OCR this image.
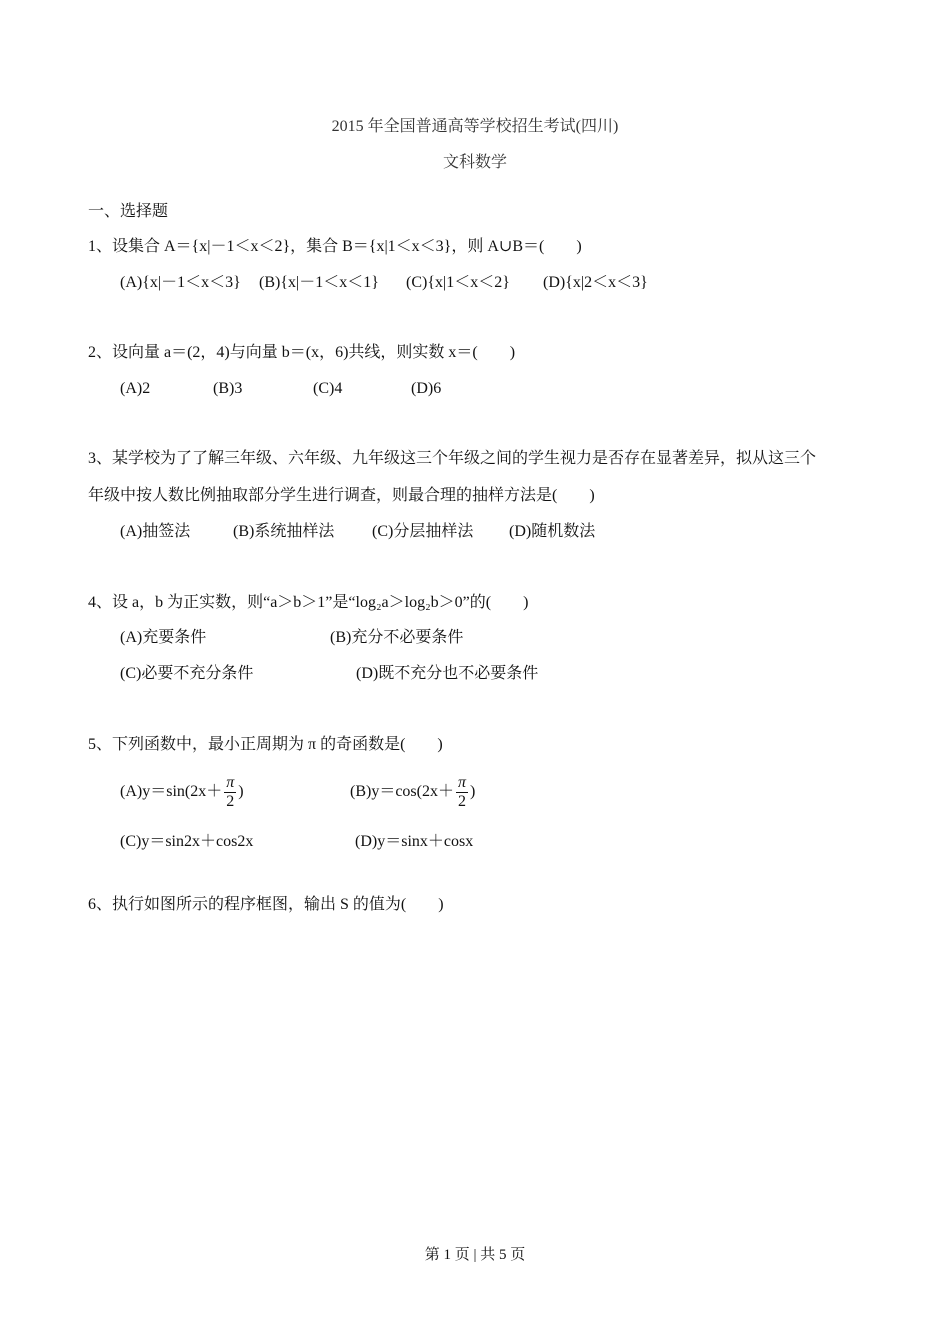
2015 年全国普通高等学校招生考试(四川)
文科数学
一、选择题
1、设集合 A＝{x|－1＜x＜2}，集合 B＝{x|1＜x＜3}，则 A∪B＝(　　)
(A){x|－1＜x＜3} (B){x|－1＜x＜1} (C){x|1＜x＜2} (D){x|2＜x＜3}
2、设向量 a＝(2，4)与向量 b＝(x，6)共线，则实数 x＝(　　)
(A)2	(B)3	(C)4	(D)6
3、某学校为了了解三年级、六年级、九年级这三个年级之间的学生视力是否存在显著差异，拟从这三个
年级中按人数比例抽取部分学生进行调查，则最合理的抽样方法是(　　)
(A)抽签法	(B)系统抽样法 (C)分层抽样法 (D)随机数法
4、设 a，b 为正实数，则“a＞b＞1”是“log₂a＞log₂b＞0”的(　　)
(A)充要条件	(B)充分不必要条件
(C)必要不充分条件	(D)既不充分也不必要条件
5、下列函数中，最小正周期为 π 的奇函数是(　　)
$(A)y=\sin(2x+ \frac{\pi}{2}$ )	$(B)y=\cos(2x+ \frac{\pi}{2}$ )
(C)y＝sin2x＋cos2x	(D)y＝sinx＋cosx
6、执行如图所示的程序框图，输出 S 的值为(　　)
第 1 页 | 共 5 页
